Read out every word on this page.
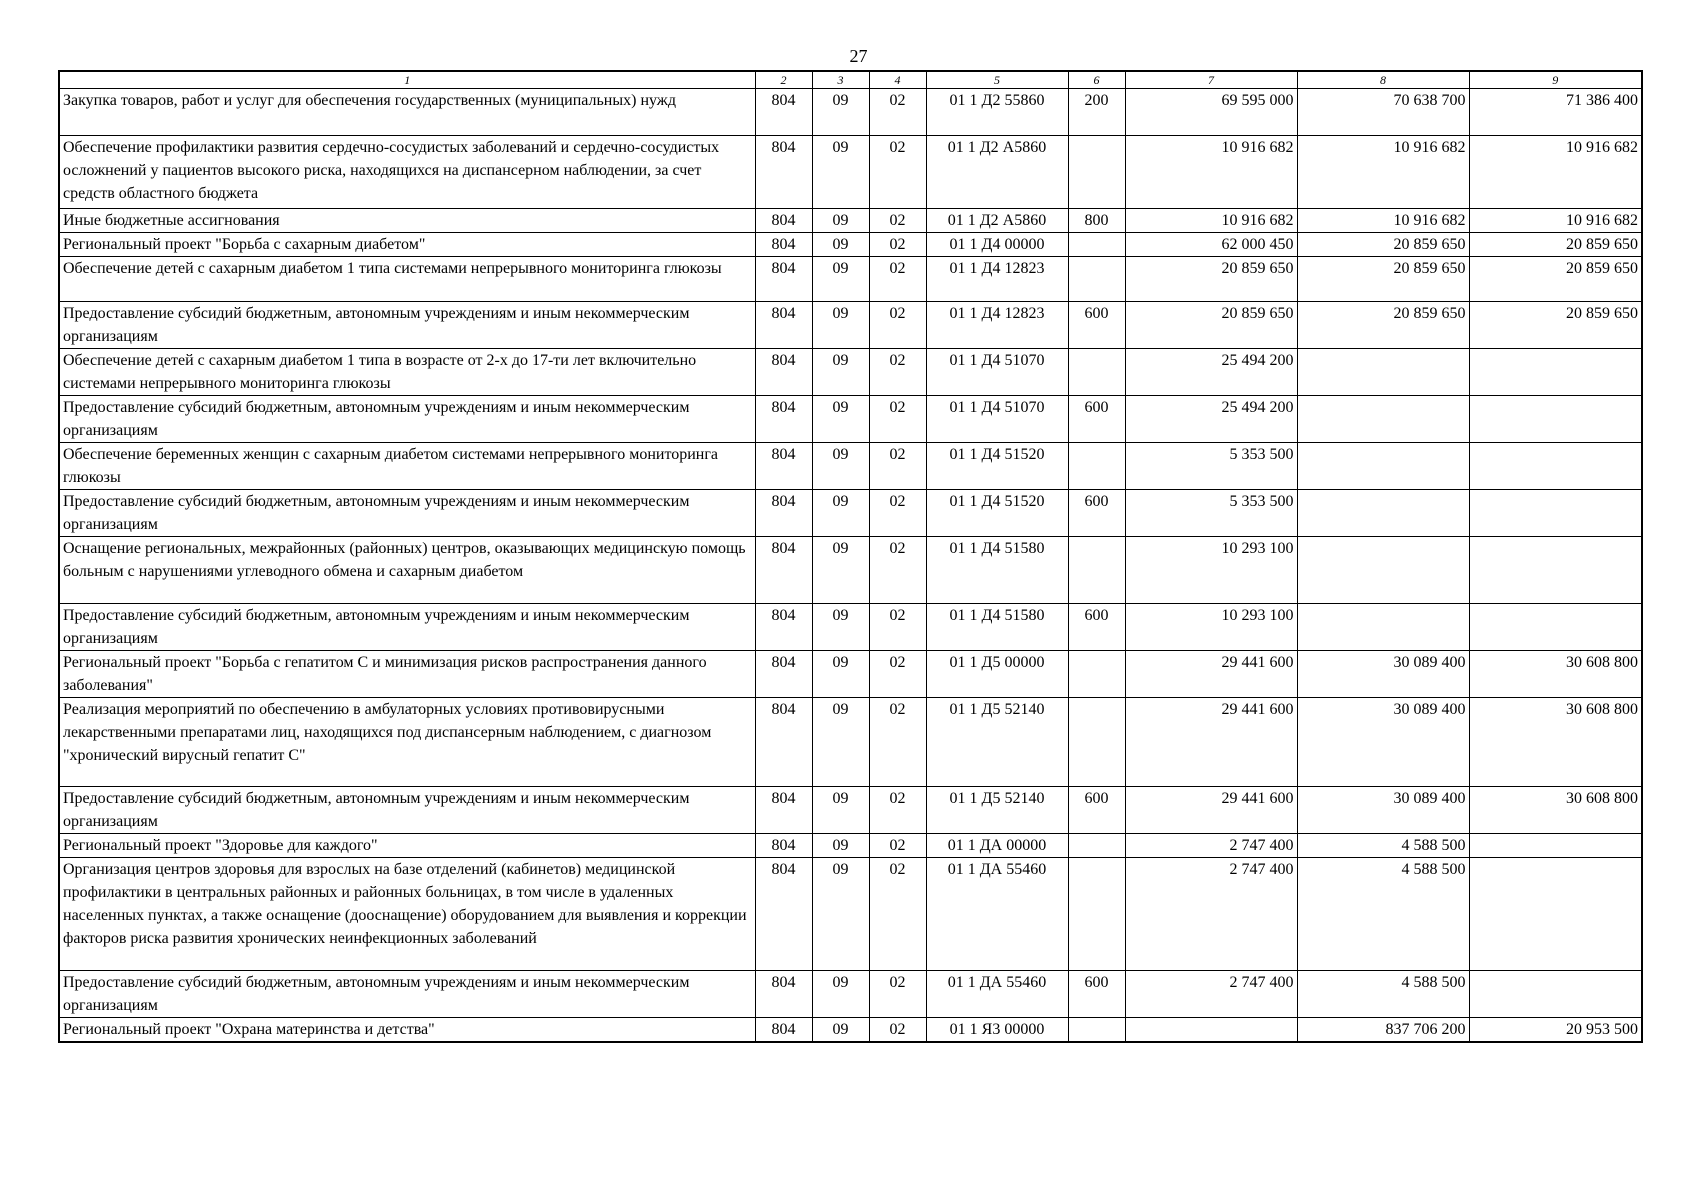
27
1	2	3	4	5	6	7	8	9
Закупка товаров, работ и услуг для обеспечения государственных (муниципальных) нужд	804	09	02	01 1 Д2 55860	200	69 595 000	70 638 700	71 386 400
Обеспечение профилактики развития сердечно-сосудистых заболеваний и сердечно-сосудистых осложнений у пациентов высокого риска, находящихся на диспансерном наблюдении, за счет средств областного бюджета	804	09	02	01 1 Д2 А5860		10 916 682	10 916 682	10 916 682
Иные бюджетные ассигнования	804	09	02	01 1 Д2 А5860	800	10 916 682	10 916 682	10 916 682
Региональный проект "Борьба с сахарным диабетом"	804	09	02	01 1 Д4 00000		62 000 450	20 859 650	20 859 650
Обеспечение детей с сахарным диабетом 1 типа системами непрерывного мониторинга глюкозы	804	09	02	01 1 Д4 12823		20 859 650	20 859 650	20 859 650
Предоставление субсидий бюджетным, автономным учреждениям и иным некоммерческим организациям	804	09	02	01 1 Д4 12823	600	20 859 650	20 859 650	20 859 650
Обеспечение детей с сахарным диабетом 1 типа в возрасте от 2-х до 17-ти лет включительно системами непрерывного мониторинга глюкозы	804	09	02	01 1 Д4 51070		25 494 200		
Предоставление субсидий бюджетным, автономным учреждениям и иным некоммерческим организациям	804	09	02	01 1 Д4 51070	600	25 494 200		
Обеспечение беременных женщин с сахарным диабетом системами непрерывного мониторинга глюкозы	804	09	02	01 1 Д4 51520		5 353 500		
Предоставление субсидий бюджетным, автономным учреждениям и иным некоммерческим организациям	804	09	02	01 1 Д4 51520	600	5 353 500		
Оснащение региональных, межрайонных (районных) центров, оказывающих медицинскую помощь больным с нарушениями углеводного обмена и сахарным диабетом	804	09	02	01 1 Д4 51580		10 293 100		
Предоставление субсидий бюджетным, автономным учреждениям и иным некоммерческим организациям	804	09	02	01 1 Д4 51580	600	10 293 100		
Региональный проект "Борьба с гепатитом С и минимизация рисков распространения данного заболевания"	804	09	02	01 1 Д5 00000		29 441 600	30 089 400	30 608 800
Реализация мероприятий по обеспечению в амбулаторных условиях противовирусными лекарственными препаратами лиц, находящихся под диспансерным наблюдением, с диагнозом "хронический вирусный гепатит С"	804	09	02	01 1 Д5 52140		29 441 600	30 089 400	30 608 800
Предоставление субсидий бюджетным, автономным учреждениям и иным некоммерческим организациям	804	09	02	01 1 Д5 52140	600	29 441 600	30 089 400	30 608 800
Региональный проект "Здоровье для каждого"	804	09	02	01 1 ДА 00000		2 747 400	4 588 500	
Организация центров здоровья для взрослых на базе отделений (кабинетов) медицинской профилактики в центральных районных и районных больницах, в том числе в удаленных населенных пунктах, а также оснащение (дооснащение) оборудованием для выявления и коррекции факторов риска развития хронических неинфекционных заболеваний	804	09	02	01 1 ДА 55460		2 747 400	4 588 500	
Предоставление субсидий бюджетным, автономным учреждениям и иным некоммерческим организациям	804	09	02	01 1 ДА 55460	600	2 747 400	4 588 500	
Региональный проект "Охрана материнства и детства"	804	09	02	01 1 Я3 00000			837 706 200	20 953 500
